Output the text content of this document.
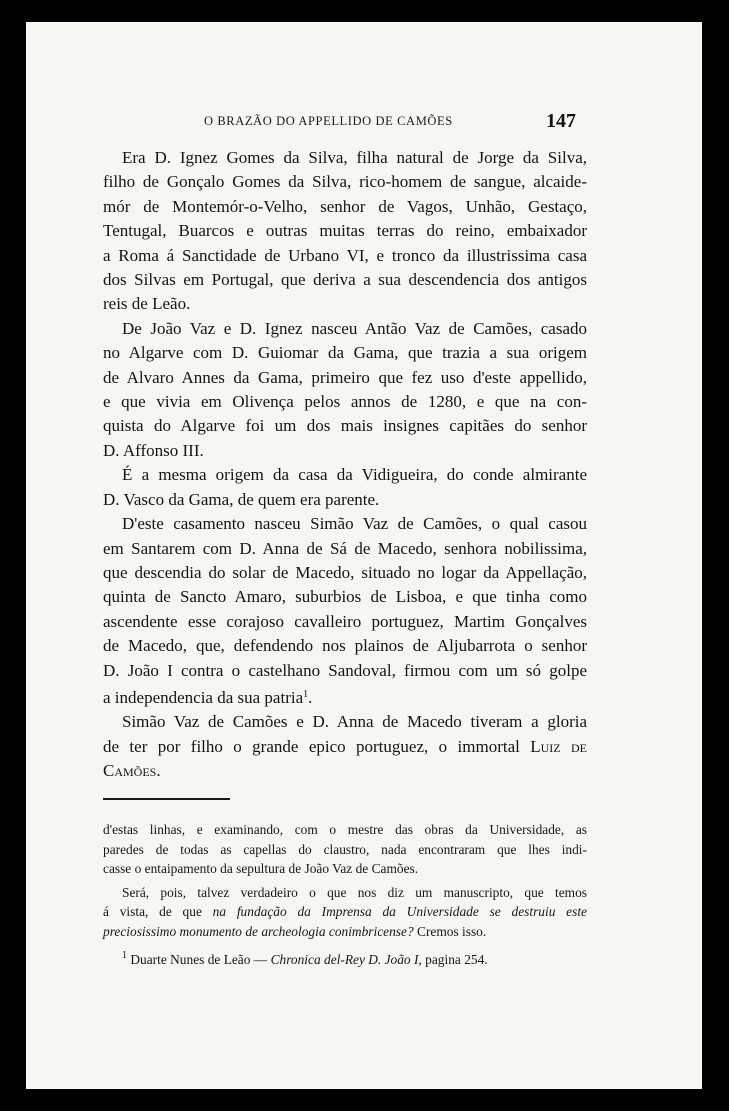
O BRAZÃO DO APPELLIDO DE CAMÕES	147
Era D. Ignez Gomes da Silva, filha natural de Jorge da Silva,
filho de Gonçalo Gomes da Silva, rico-homem de sangue, alcaide-
mór de Montemór-o-Velho, senhor de Vagos, Unhão, Gestaço,
Tentugal, Buarcos e outras muitas terras do reino, embaixador
a Roma á Sanctidade de Urbano VI, e tronco da illustrissima casa
dos Silvas em Portugal, que deriva a sua descendencia dos antigos
reis de Leão.
De João Vaz e D. Ignez nasceu Antão Vaz de Camões, casado
no Algarve com D. Guiomar da Gama, que trazia a sua origem
de Alvaro Annes da Gama, primeiro que fez uso d'este appellido,
e que vivia em Olivença pelos annos de 1280, e que na con-
quista do Algarve foi um dos mais insignes capitães do senhor
D. Affonso III.
É a mesma origem da casa da Vidigueira, do conde almirante
D. Vasco da Gama, de quem era parente.
D'este casamento nasceu Simão Vaz de Camões, o qual casou
em Santarem com D. Anna de Sá de Macedo, senhora nobilissima,
que descendia do solar de Macedo, situado no logar da Appellação,
quinta de Sancto Amaro, suburbios de Lisboa, e que tinha como
ascendente esse corajoso cavalleiro portuguez, Martim Gonçalves
de Macedo, que, defendendo nos plainos de Aljubarrota o senhor
D. João I contra o castelhano Sandoval, firmou com um só golpe
a independencia da sua patria$^1$.
Simão Vaz de Camões e D. Anna de Macedo tiveram a gloria
de ter por filho o grande epico portuguez, o immortal Luiz de
Camões.
d'estas linhas, e examinando, com o mestre das obras da Universidade, as
paredes de todas as capellas do claustro, nada encontraram que lhes indi-
casse o entaipamento da sepultura de João Vaz de Camões.
Será, pois, talvez verdadeiro o que nos diz um manuscripto, que temos
á vista, de que na fundação da Imprensa da Universidade se destruiu este
preciosissimo monumento de archeologia conimbricense? Cremos isso.
$^1$ Duarte Nunes de Leão — Chronica del-Rey D. João I, pagina 254.
